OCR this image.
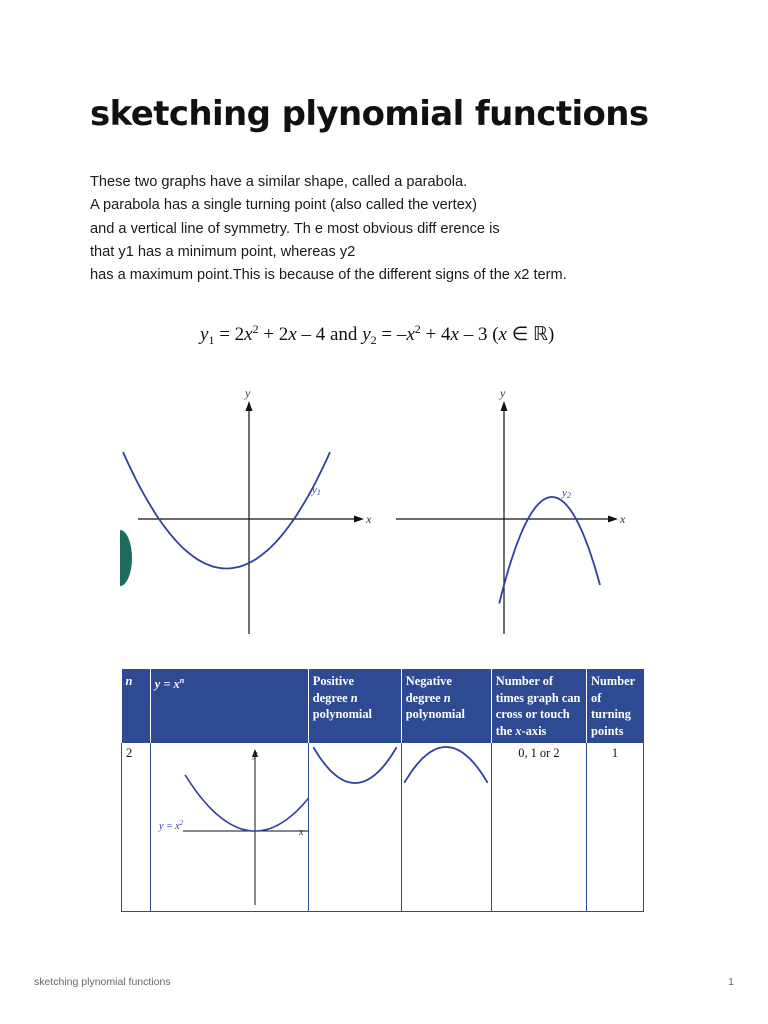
sketching plynomial functions
These two graphs have a similar shape, called a parabola.
A parabola has a single turning point (also called the vertex)
and a vertical line of symmetry. Th e most obvious diff erence is
that y1 has a minimum point, whereas y2
has a maximum point.This is because of the different signs of the x2 term.
$y_1 = 2x^2 + 2x - 4$ and $y_2 = -x^2 + 4x - 3$ (x ∈ ℝ)
y
x
y1
y
x
y2
n	$y = x^n$	Positive
degree n
polynomial	Negative
degree n
polynomial	Number of
times graph can
cross or touch
the x-axis	Number
of
turning
points
2	y
x
$y = x^2$			0, 1 or 2	1
sketching plynomial functions	1
